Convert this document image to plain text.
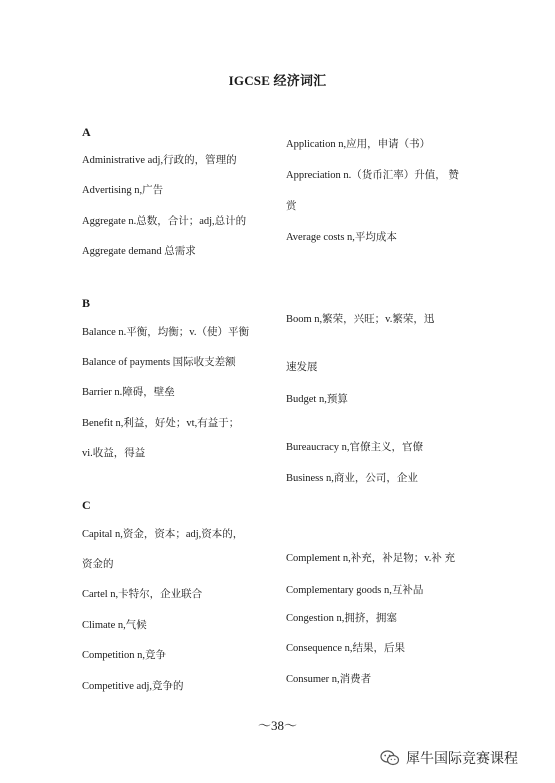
IGCSE 经济词汇
A
Administrative adj,行政的，管理的
Advertising n,广告
Aggregate n.总数，合计；adj,总计的
Aggregate demand 总需求
Application n,应用，申请（书）
Appreciation n.（货币汇率）升值， 赞
赏
Average costs n,平均成本
B
Balance n.平衡，均衡；v.（使）平衡
Balance of payments 国际收支差额
Barrier n.障碍，壁垒
Benefit n,利益，好处；vt,有益于；
vi.收益，得益
Boom n,繁荣，兴旺；v.繁荣，迅
速发展
Budget n,预算
Bureaucracy n,官僚主义，官僚
Business n,商业，公司，企业
C
Capital n,资金，资本；adj,资本的，
资金的
Cartel n,卡特尔，企业联合
Climate n,气候
Competition n,竞争
Competitive adj,竞争的
Complement n,补充，补足物；v.补 充
Complementary goods n,互补品
Congestion n,拥挤，拥塞
Consequence n,结果，后果
Consumer n,消费者
～38～
犀牛国际竞赛课程
